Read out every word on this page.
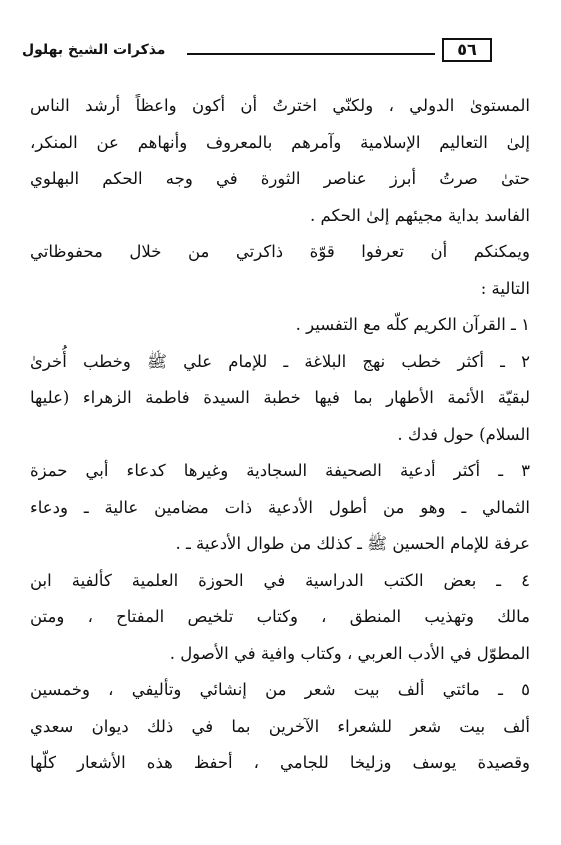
مذكرات الشيخ بهلول	٥٦
المستوىٰ الدولي ، ولكنّي اخترتُ أن أكون واعظاً أرشد الناس
إلىٰ التعاليم الإسلامية وآمرهم بالمعروف وأنهاهم عن المنكر،
حتىٰ صرتُ أبرز عناصر الثورة في وجه الحكم البهلوي
الفاسد بداية مجيئهم إلىٰ الحكم .
ويمكنكم أن تعرفوا قوّة ذاكرتي من خلال محفوظاتي
التالية :
١ ـ القرآن الكريم كلّه مع التفسير .
٢ ـ أكثر خطب نهج البلاغة ـ للإمام علي ﷺ وخطب أُخرىٰ
لبقيّة الأئمة الأطهار بما فيها خطبة السيدة فاطمة الزهراء (عليها
السلام) حول فدك .
٣ ـ أكثر أدعية الصحيفة السجادية وغيرها كدعاء أبي حمزة
الثمالي ـ وهو من أطول الأدعية ذات مضامين عالية ـ ودعاء
عرفة للإمام الحسين ﷺ ـ كذلك من طوال الأدعية ـ .
٤ ـ بعض الكتب الدراسية في الحوزة العلمية كألفية ابن
مالك وتهذيب المنطق ، وكتاب تلخيص المفتاح ، ومتن
المطوّل في الأدب العربي ، وكتاب وافية في الأصول .
٥ ـ مائتي ألف بيت شعر من إنشائي وتأليفي ، وخمسين
ألف بيت شعر للشعراء الآخرين بما في ذلك ديوان سعدي
وقصيدة يوسف وزليخا للجامي ، أحفظ هذه الأشعار كلّها
